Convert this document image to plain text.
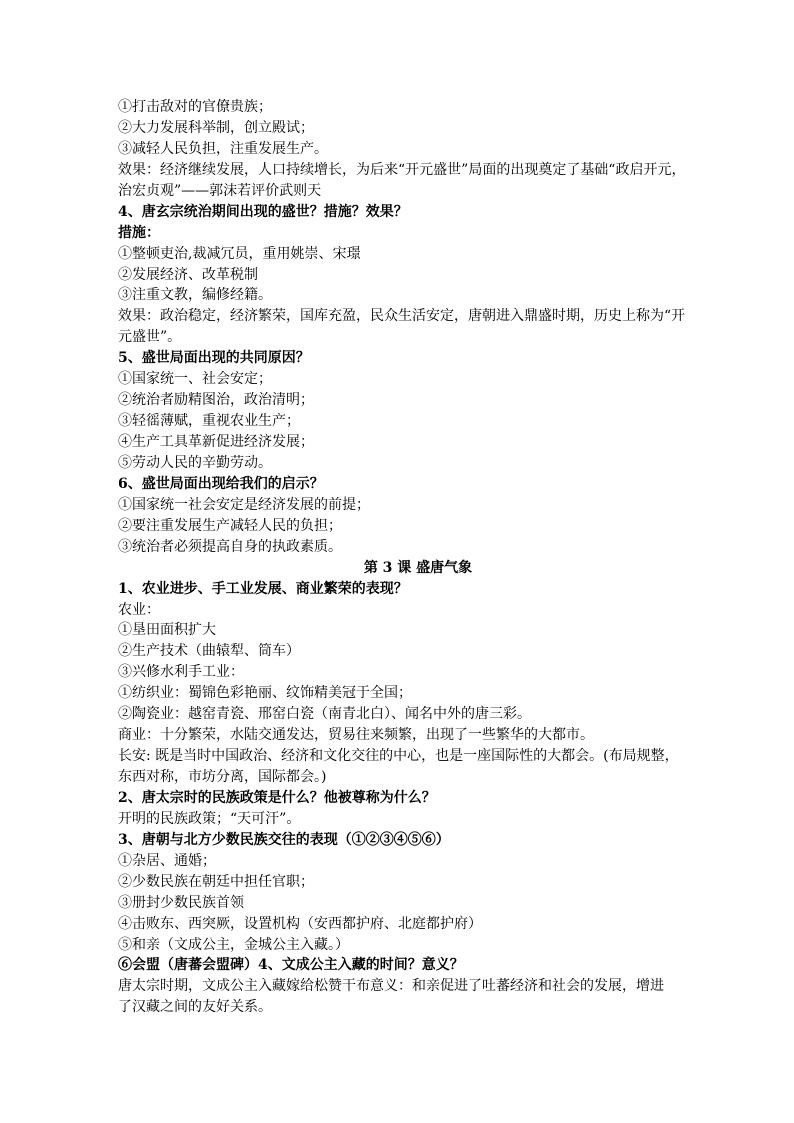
①打击敌对的官僚贵族；
②大力发展科举制，创立殿试；
③减轻人民负担，注重发展生产。
效果：经济继续发展，人口持续增长，为后来“开元盛世”局面的出现奠定了基础“政启开元，
治宏贞观”——郭沫若评价武则天
4、唐玄宗统治期间出现的盛世？措施？效果？
措施：
①整顿吏治,裁减冗员，重用姚崇、宋璟
②发展经济、改革税制
③注重文教，编修经籍。
效果：政治稳定，经济繁荣，国库充盈，民众生活安定，唐朝进入鼎盛时期，历史上称为“开
元盛世”。
5、盛世局面出现的共同原因？
①国家统一、社会安定；
②统治者励精图治，政治清明；
③轻徭薄赋，重视农业生产；
④生产工具革新促进经济发展；
⑤劳动人民的辛勤劳动。
6、盛世局面出现给我们的启示？
①国家统一社会安定是经济发展的前提；
②要注重发展生产减轻人民的负担；
③统治者必须提高自身的执政素质。
第 3 课 盛唐气象
1、农业进步、手工业发展、商业繁荣的表现？
农业：
①垦田面积扩大
②生产技术（曲辕犁、筒车）
③兴修水利手工业：
①纺织业：蜀锦色彩艳丽、纹饰精美冠于全国；
②陶瓷业：越窑青瓷、邢窑白瓷（南青北白）、闻名中外的唐三彩。
商业：十分繁荣，水陆交通发达，贸易往来频繁，出现了一些繁华的大都市。
长安: 既是当时中国政治、经济和文化交往的中心，也是一座国际性的大都会。(布局规整，
东西对称，市坊分离，国际都会。)
2、唐太宗时的民族政策是什么？他被尊称为什么？
开明的民族政策；“天可汗”。
3、唐朝与北方少数民族交往的表现（①②③④⑤⑥）
①杂居、通婚；
②少数民族在朝廷中担任官职；
③册封少数民族首领
④击败东、西突厥，设置机构（安西都护府、北庭都护府）
⑤和亲（文成公主，金城公主入藏。）
⑥会盟（唐蕃会盟碑）4、文成公主入藏的时间？意义？
唐太宗时期，文成公主入藏嫁给松赞干布意义：和亲促进了吐蕃经济和社会的发展，增进
了汉藏之间的友好关系。
